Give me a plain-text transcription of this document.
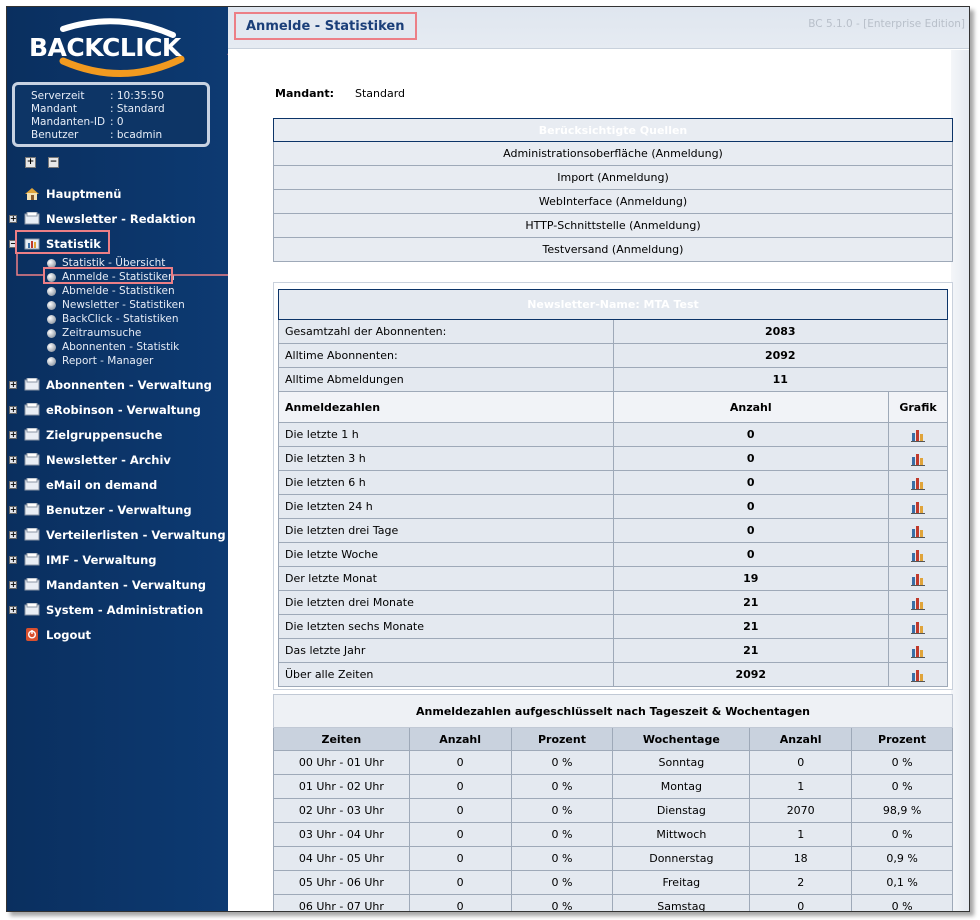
BACKCLICK
Serverzeit	: 10:35:50
Mandant	: Standard
Mandanten-ID : 0
Benutzer	: bcadmin
+ −
Hauptmenü
+	Newsletter - Redaktion
−	Statistik
Statistik - Übersicht
Anmelde - Statistiken
Abmelde - Statistiken
Newsletter - Statistiken
BackClick - Statistiken
Zeitraumsuche
Abonnenten - Statistik
Report - Manager
+	Abonnenten - Verwaltung
+	eRobinson - Verwaltung
+	Zielgruppensuche
+	Newsletter - Archiv
+	eMail on demand
+	Benutzer - Verwaltung
+	Verteilerlisten - Verwaltung
+	IMF - Verwaltung
+	Mandanten - Verwaltung
+	System - Administration
Logout
Anmelde - Statistiken	BC 5.1.0 - [Enterprise Edition]
Mandant:	Standard
Berücksichtigte Quellen
Administrationsoberfläche (Anmeldung)
Import (Anmeldung)
WebInterface (Anmeldung)
HTTP-Schnittstelle (Anmeldung)
Testversand (Anmeldung)
Newsletter-Name: MTA Test		
Gesamtzahl der Abonnenten:	2083	
Alltime Abonnenten:	2092	
Alltime Abmeldungen	11	
Anmeldezahlen	Anzahl	Grafik
Die letzte 1 h	0	
Die letzten 3 h	0	
Die letzten 6 h	0	
Die letzten 24 h	0	
Die letzten drei Tage	0	
Die letzte Woche	0	
Der letzte Monat	19	
Die letzten drei Monate	21	
Die letzten sechs Monate	21	
Das letzte Jahr	21	
Über alle Zeiten	2092	
Anmeldezahlen aufgeschlüsselt nach Tageszeit & Wochentagen					
Zeiten	Anzahl	Prozent	Wochentage	Anzahl	Prozent
00 Uhr - 01 Uhr	0	0 %	Sonntag	0	0 %
01 Uhr - 02 Uhr	0	0 %	Montag	1	0 %
02 Uhr - 03 Uhr	0	0 %	Dienstag	2070	98,9 %
03 Uhr - 04 Uhr	0	0 %	Mittwoch	1	0 %
04 Uhr - 05 Uhr	0	0 %	Donnerstag	18	0,9 %
05 Uhr - 06 Uhr	0	0 %	Freitag	2	0,1 %
06 Uhr - 07 Uhr	0	0 %	Samstag	0	0 %
